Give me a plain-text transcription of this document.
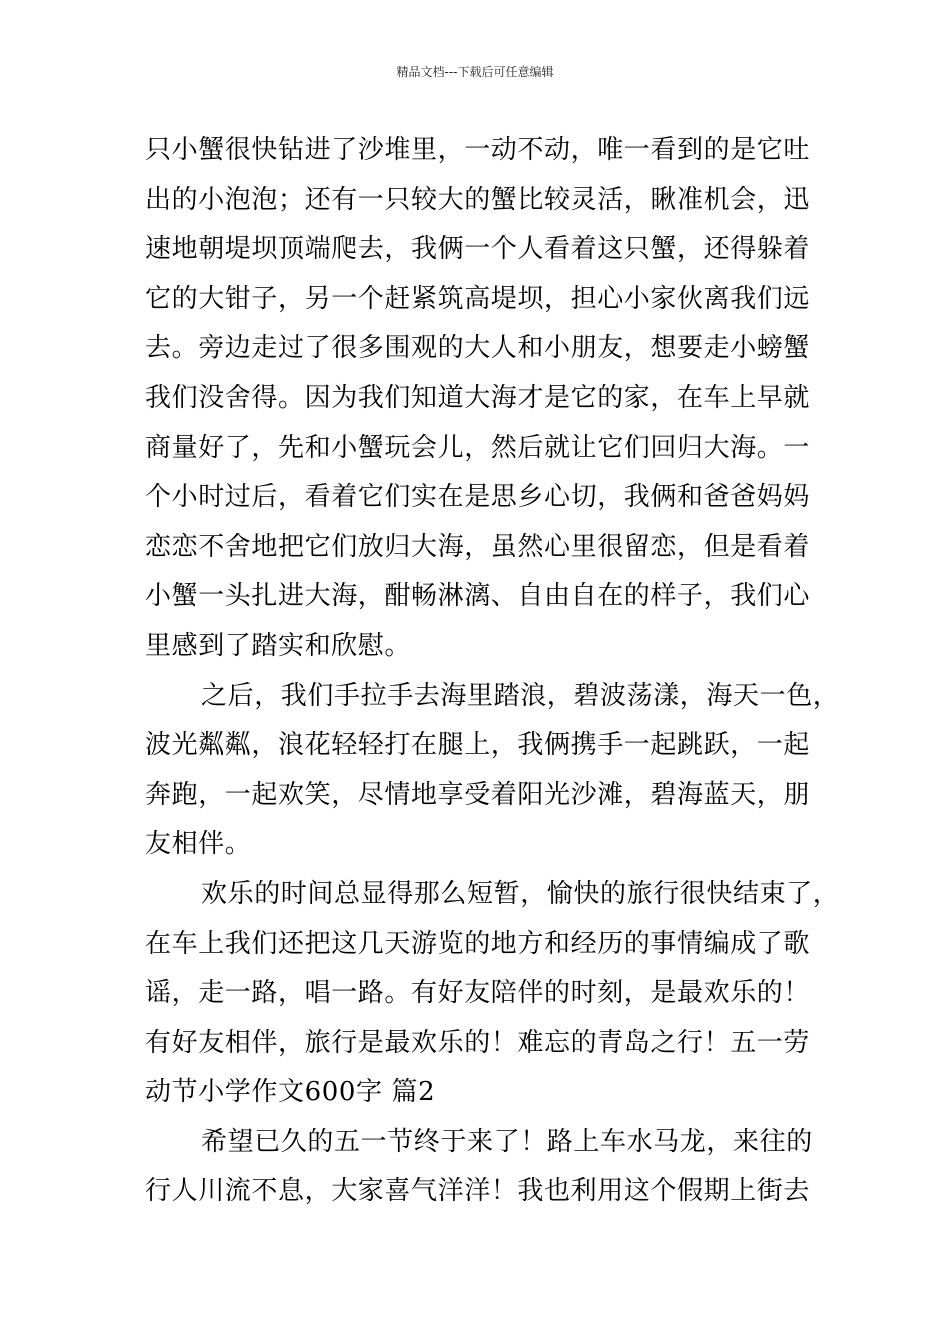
精品文档---下载后可任意编辑
只小蟹很快钻进了沙堆里，一动不动，唯一看到的是它吐
出的小泡泡；还有一只较大的蟹比较灵活，瞅准机会，迅
速地朝堤坝顶端爬去，我俩一个人看着这只蟹，还得躲着
它的大钳子，另一个赶紧筑高堤坝，担心小家伙离我们远
去。旁边走过了很多围观的大人和小朋友，想要走小螃蟹
我们没舍得。因为我们知道大海才是它的家，在车上早就
商量好了，先和小蟹玩会儿，然后就让它们回归大海。一
个小时过后，看着它们实在是思乡心切，我俩和爸爸妈妈
恋恋不舍地把它们放归大海，虽然心里很留恋，但是看着
小蟹一头扎进大海，酣畅淋漓、自由自在的样子，我们心
里感到了踏实和欣慰。
之后，我们手拉手去海里踏浪，碧波荡漾，海天一色，
波光粼粼，浪花轻轻打在腿上，我俩携手一起跳跃，一起
奔跑，一起欢笑，尽情地享受着阳光沙滩，碧海蓝天，朋
友相伴。
欢乐的时间总显得那么短暂，愉快的旅行很快结束了，
在车上我们还把这几天游览的地方和经历的事情编成了歌
谣，走一路，唱一路。有好友陪伴的时刻，是最欢乐的！
有好友相伴，旅行是最欢乐的！难忘的青岛之行！五一劳
动节小学作文600字 篇2
希望已久的五一节终于来了！路上车水马龙，来往的
行人川流不息，大家喜气洋洋！我也利用这个假期上街去
